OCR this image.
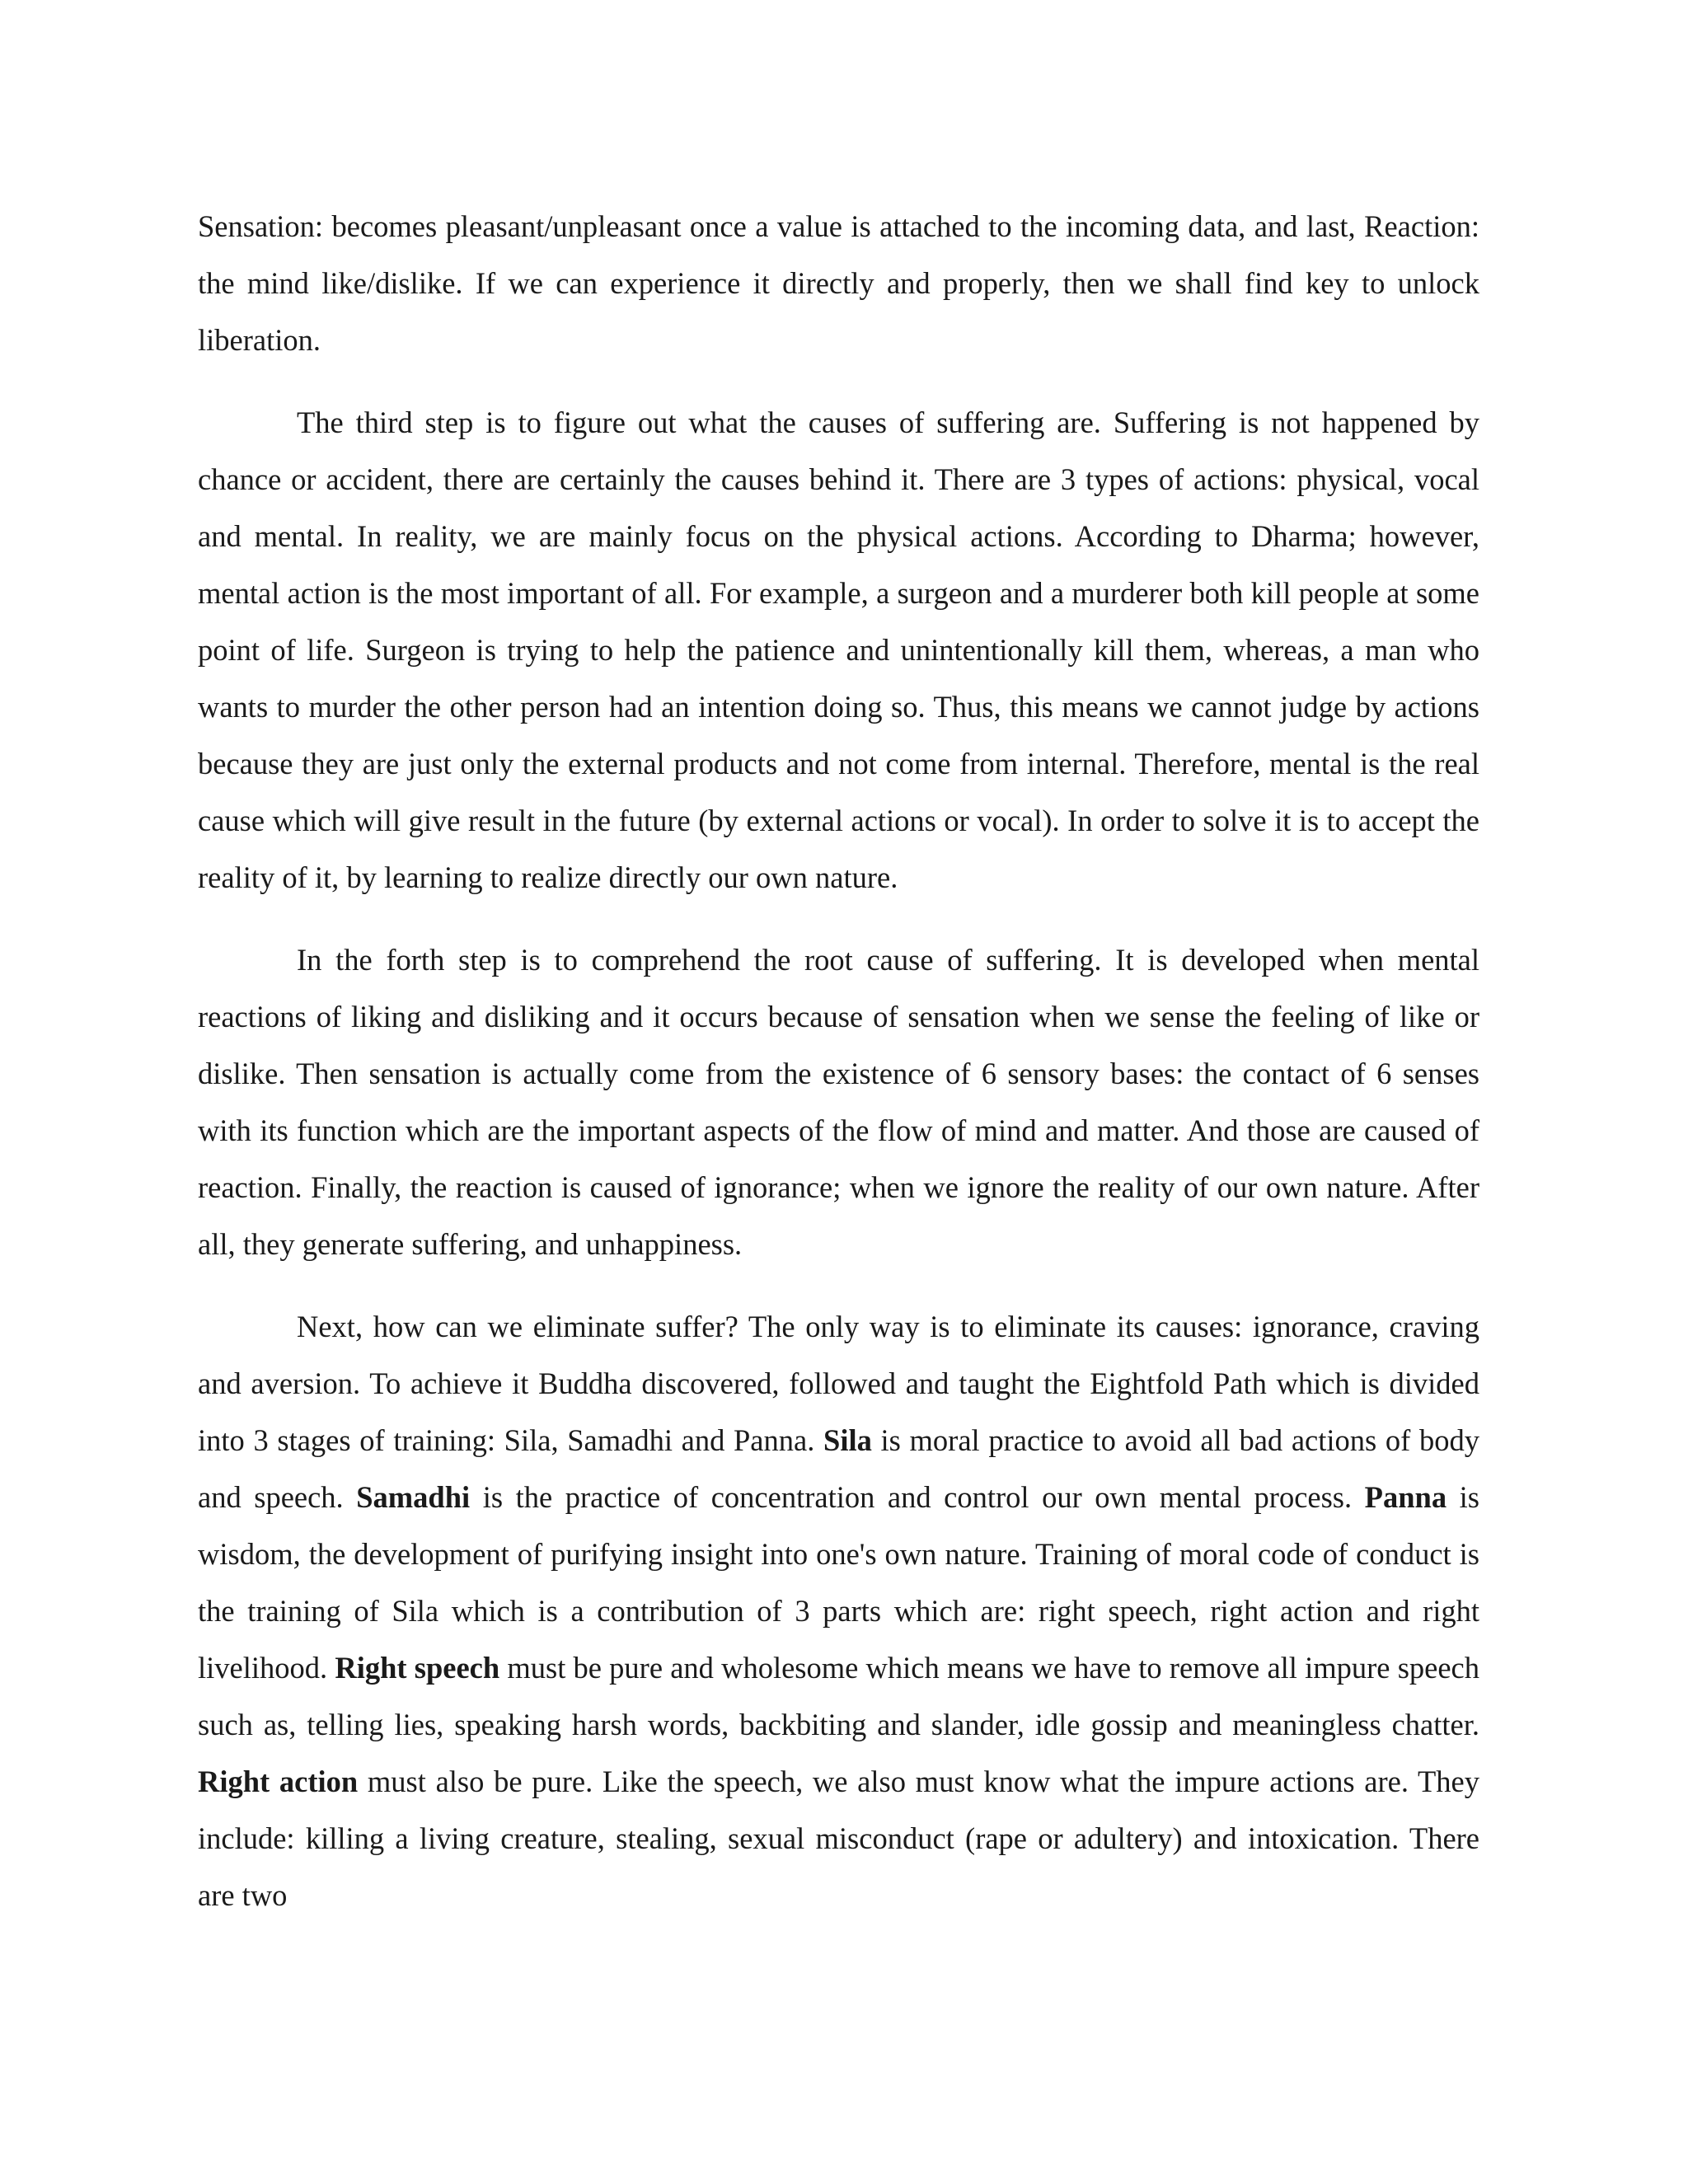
Sensation: becomes pleasant/unpleasant once a value is attached to the incoming data, and last, Reaction: the mind like/dislike. If we can experience it directly and properly, then we shall find key to unlock liberation.

The third step is to figure out what the causes of suffering are. Suffering is not happened by chance or accident, there are certainly the causes behind it. There are 3 types of actions: physical, vocal and mental. In reality, we are mainly focus on the physical actions. According to Dharma; however, mental action is the most important of all. For example, a surgeon and a murderer both kill people at some point of life. Surgeon is trying to help the patience and unintentionally kill them, whereas, a man who wants to murder the other person had an intention doing so. Thus, this means we cannot judge by actions because they are just only the external products and not come from internal. Therefore, mental is the real cause which will give result in the future (by external actions or vocal). In order to solve it is to accept the reality of it, by learning to realize directly our own nature.

In the forth step is to comprehend the root cause of suffering. It is developed when mental reactions of liking and disliking and it occurs because of sensation when we sense the feeling of like or dislike. Then sensation is actually come from the existence of 6 sensory bases: the contact of 6 senses with its function which are the important aspects of the flow of mind and matter. And those are caused of reaction. Finally, the reaction is caused of ignorance; when we ignore the reality of our own nature. After all, they generate suffering, and unhappiness.

Next, how can we eliminate suffer? The only way is to eliminate its causes: ignorance, craving and aversion. To achieve it Buddha discovered, followed and taught the Eightfold Path which is divided into 3 stages of training: Sila, Samadhi and Panna. Sila is moral practice to avoid all bad actions of body and speech. Samadhi is the practice of concentration and control our own mental process. Panna is wisdom, the development of purifying insight into one's own nature. Training of moral code of conduct is the training of Sila which is a contribution of 3 parts which are: right speech, right action and right livelihood. Right speech must be pure and wholesome which means we have to remove all impure speech such as, telling lies, speaking harsh words, backbiting and slander, idle gossip and meaningless chatter. Right action must also be pure. Like the speech, we also must know what the impure actions are. They include: killing a living creature, stealing, sexual misconduct (rape or adultery) and intoxication. There are two
